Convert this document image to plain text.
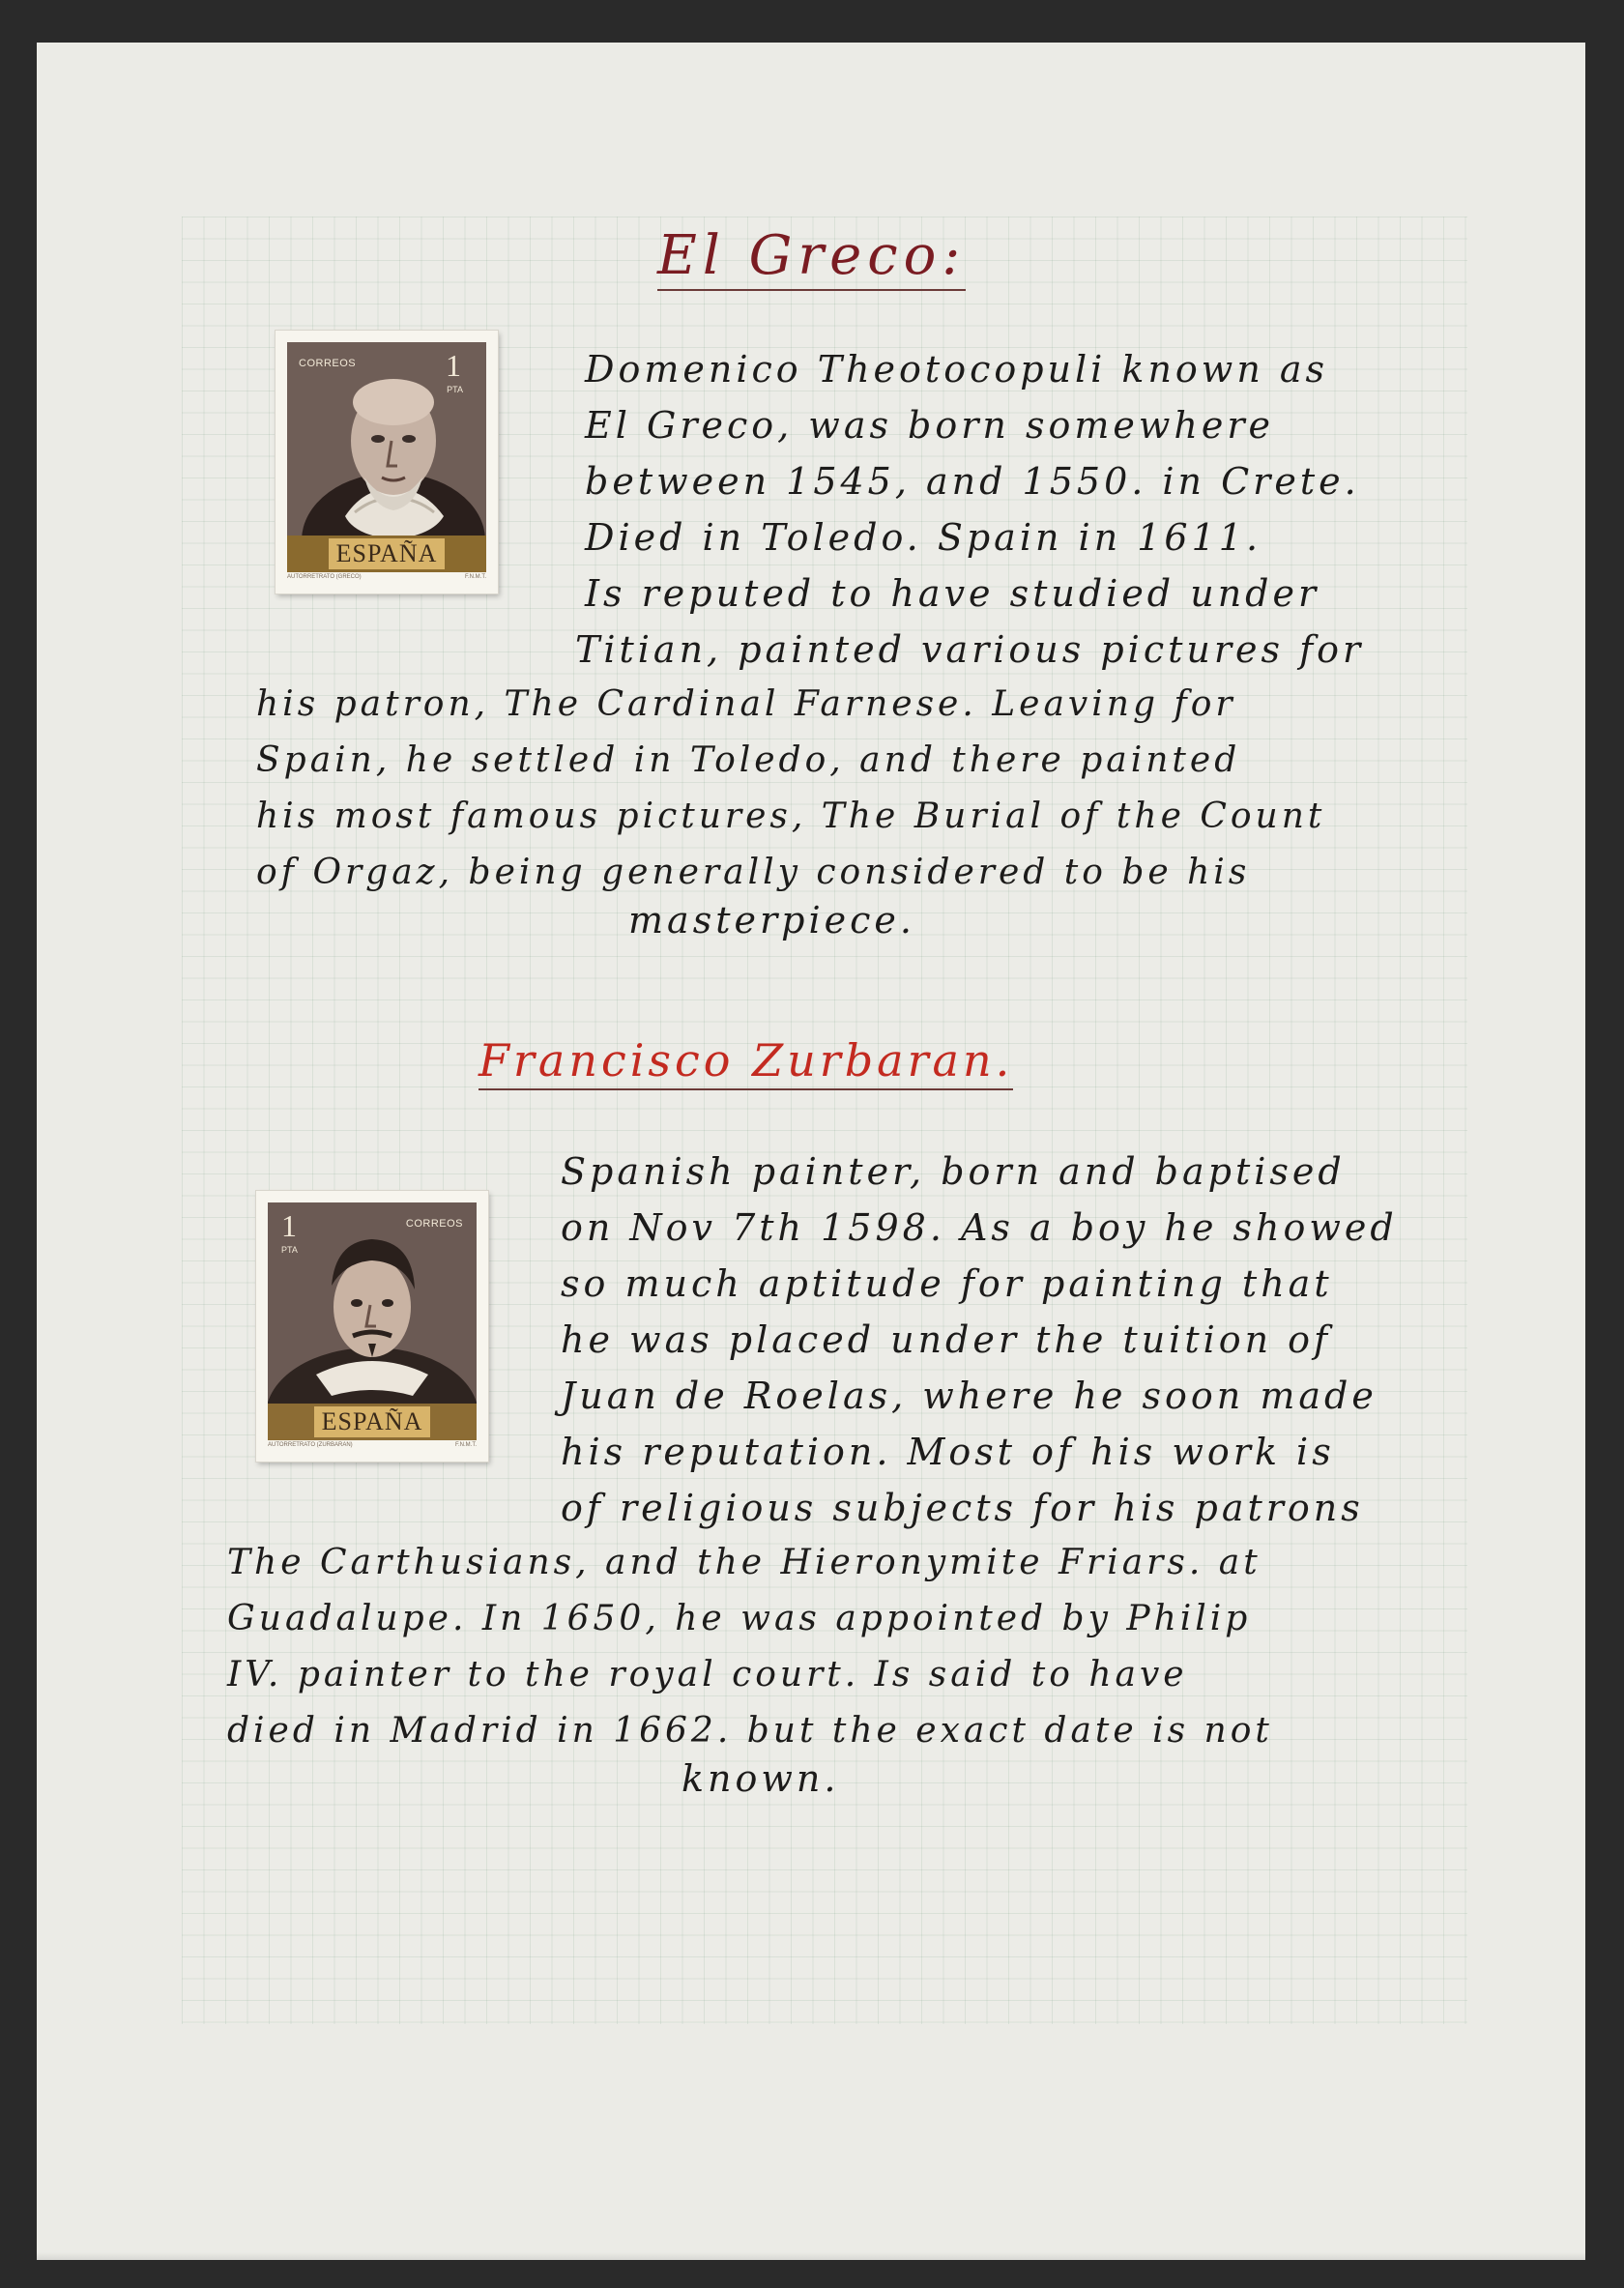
El Greco:
CORREOS	1
PTA
ESPAÑA
AUTORRETRATO (GRECO)	F.N.M.T.
Domenico Theotocopuli known as
El Greco, was born somewhere
between 1545, and 1550. in Crete.
Died in Toledo. Spain in 1611.
Is reputed to have studied under
Titian, painted various pictures for
his patron, The Cardinal Farnese. Leaving for
Spain, he settled in Toledo, and there painted
his most famous pictures, The Burial of the Count
of Orgaz, being generally considered to be his
masterpiece.
Francisco Zurbaran.
1
PTA
CORREOS
ESPAÑA
AUTORRETRATO (ZURBARAN)	F.N.M.T.
Spanish painter, born and baptised
on Nov 7th 1598. As a boy he showed
so much aptitude for painting that
he was placed under the tuition of
Juan de Roelas, where he soon made
his reputation. Most of his work is
of religious subjects for his patrons
The Carthusians, and the Hieronymite Friars. at
Guadalupe. In 1650, he was appointed by Philip
IV. painter to the royal court. Is said to have
died in Madrid in 1662. but the exact date is not
known.
